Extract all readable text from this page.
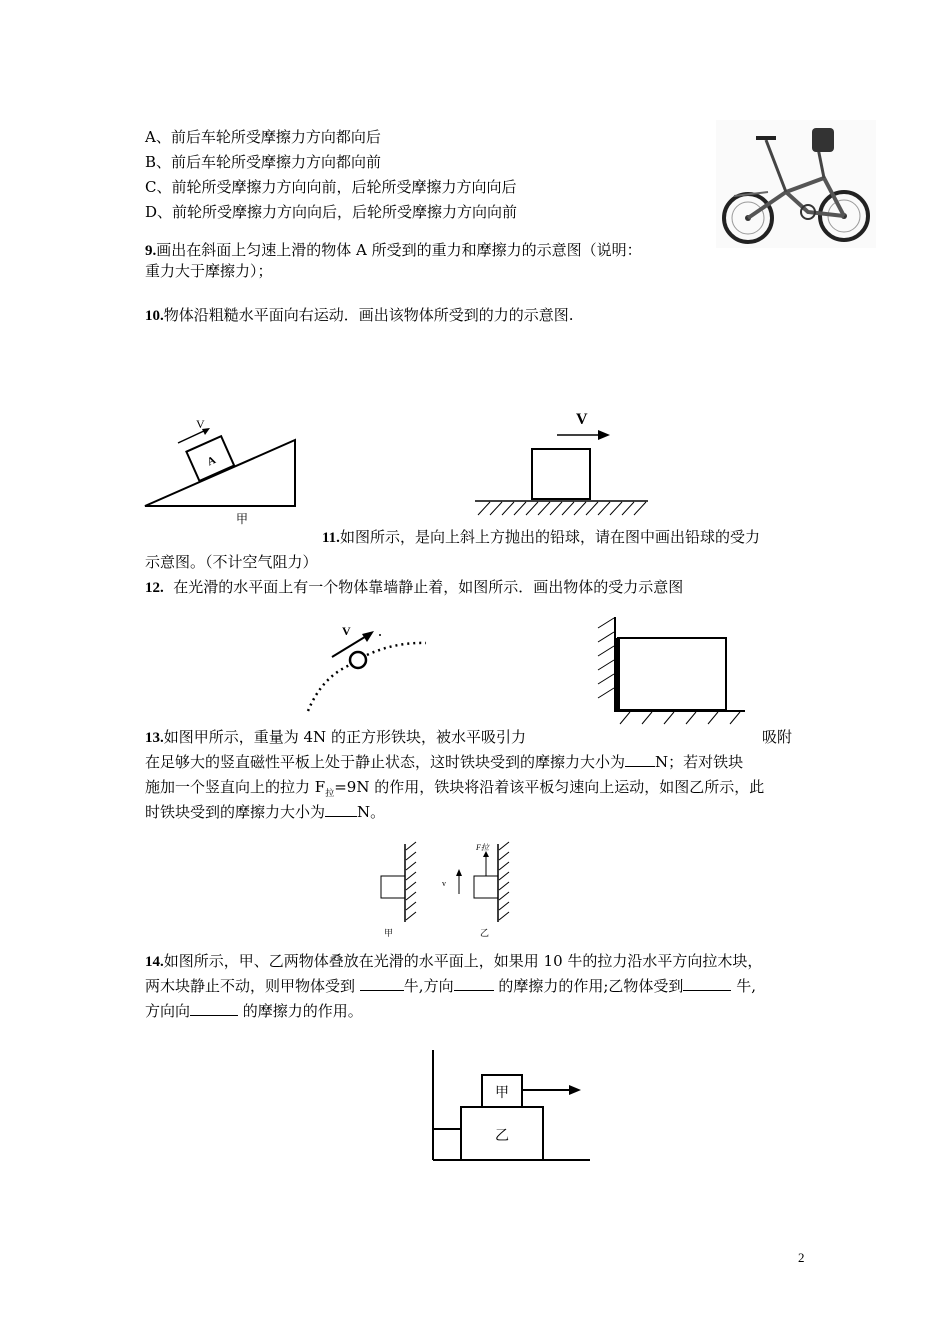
A、前后车轮所受摩擦力方向都向后
B、前后车轮所受摩擦力方向都向前
C、前轮所受摩擦力方向向前，后轮所受摩擦力方向向后
D、前轮所受摩擦力方向向后，后轮所受摩擦力方向向前
9.画出在斜面上匀速上滑的物体 A 所受到的重力和摩擦力的示意图（说明：
重力大于摩擦力）；
10.物体沿粗糙水平面向右运动．画出该物体所受到的力的示意图.
A
V
甲
V
11.如图所示，是向上斜上方抛出的铅球，请在图中画出铅球的受力
示意图。（不计空气阻力）
12. 在光滑的水平面上有一个物体靠墙静止着，如图所示．画出物体的受力示意图
V
13.如图甲所示，重量为 4N 的正方形铁块，被水平吸引力	吸附
在足够大的竖直磁性平板上处于静止状态，这时铁块受到的摩擦力大小为 N；若对铁块
施加一个竖直向上的拉力 $F_拉=9N$ 的作用，铁块将沿着该平板匀速向上运动，如图乙所示，此
时铁块受到的摩擦力大小为 N。
甲
F拉
v
乙
14.如图所示，甲、乙两物体叠放在光滑的水平面上，如果用 10 牛的拉力沿水平方向拉木块，
两木块静止不动，则甲物体受到	牛,方向	的摩擦力的作用;乙物体受到	牛,
方向向	的摩擦力的作用。
甲
乙
2
